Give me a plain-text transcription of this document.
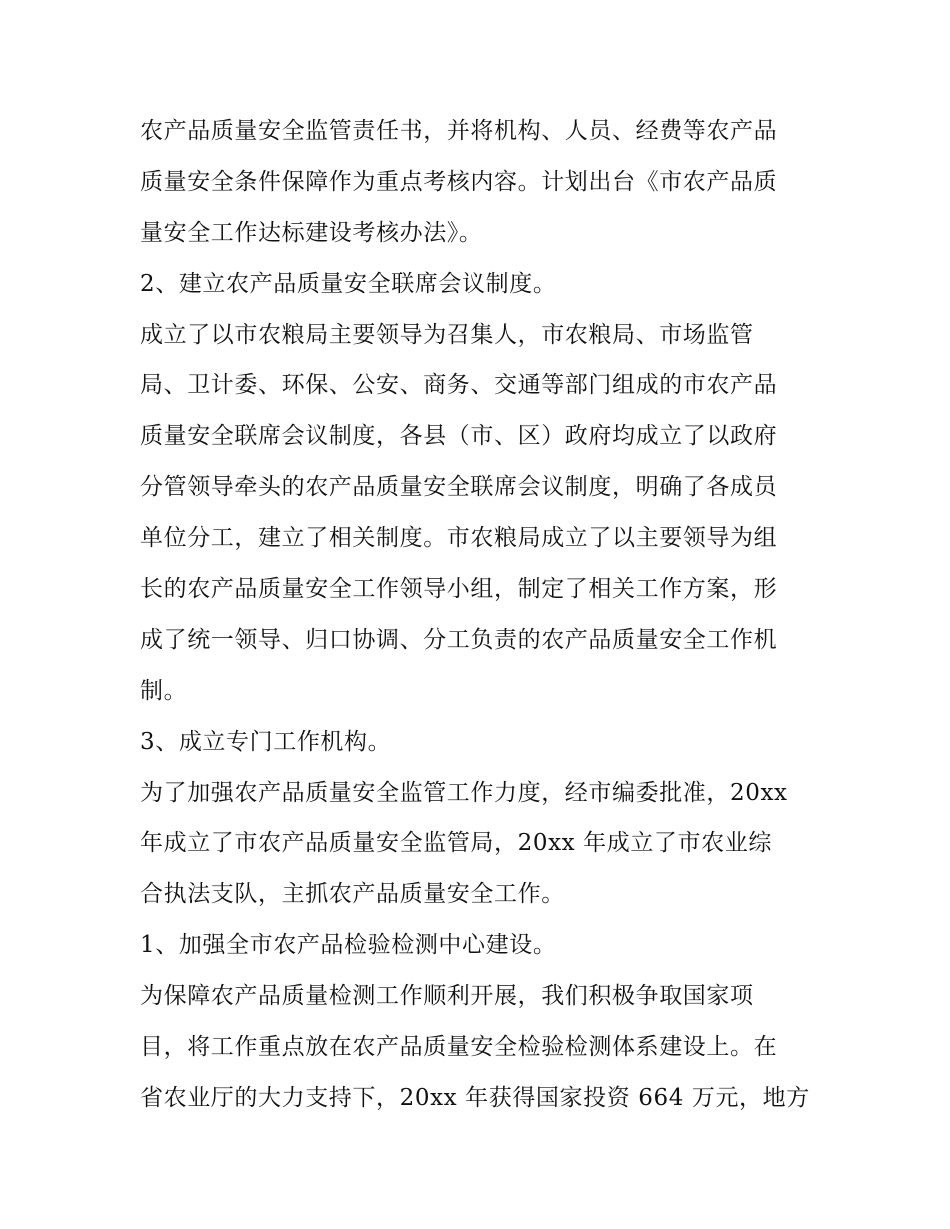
农产品质量安全监管责任书，并将机构、人员、经费等农产品
质量安全条件保障作为重点考核内容。计划出台《市农产品质
量安全工作达标建设考核办法》。
2、建立农产品质量安全联席会议制度。
成立了以市农粮局主要领导为召集人，市农粮局、市场监管
局、卫计委、环保、公安、商务、交通等部门组成的市农产品
质量安全联席会议制度，各县（市、区）政府均成立了以政府
分管领导牵头的农产品质量安全联席会议制度，明确了各成员
单位分工，建立了相关制度。市农粮局成立了以主要领导为组
长的农产品质量安全工作领导小组，制定了相关工作方案，形
成了统一领导、归口协调、分工负责的农产品质量安全工作机
制。
3、成立专门工作机构。
为了加强农产品质量安全监管工作力度，经市编委批准，20xx
年成立了市农产品质量安全监管局，20xx 年成立了市农业综
合执法支队，主抓农产品质量安全工作。
1、加强全市农产品检验检测中心建设。
为保障农产品质量检测工作顺利开展，我们积极争取国家项
目，将工作重点放在农产品质量安全检验检测体系建设上。在
省农业厅的大力支持下，20xx 年获得国家投资 664 万元，地方
